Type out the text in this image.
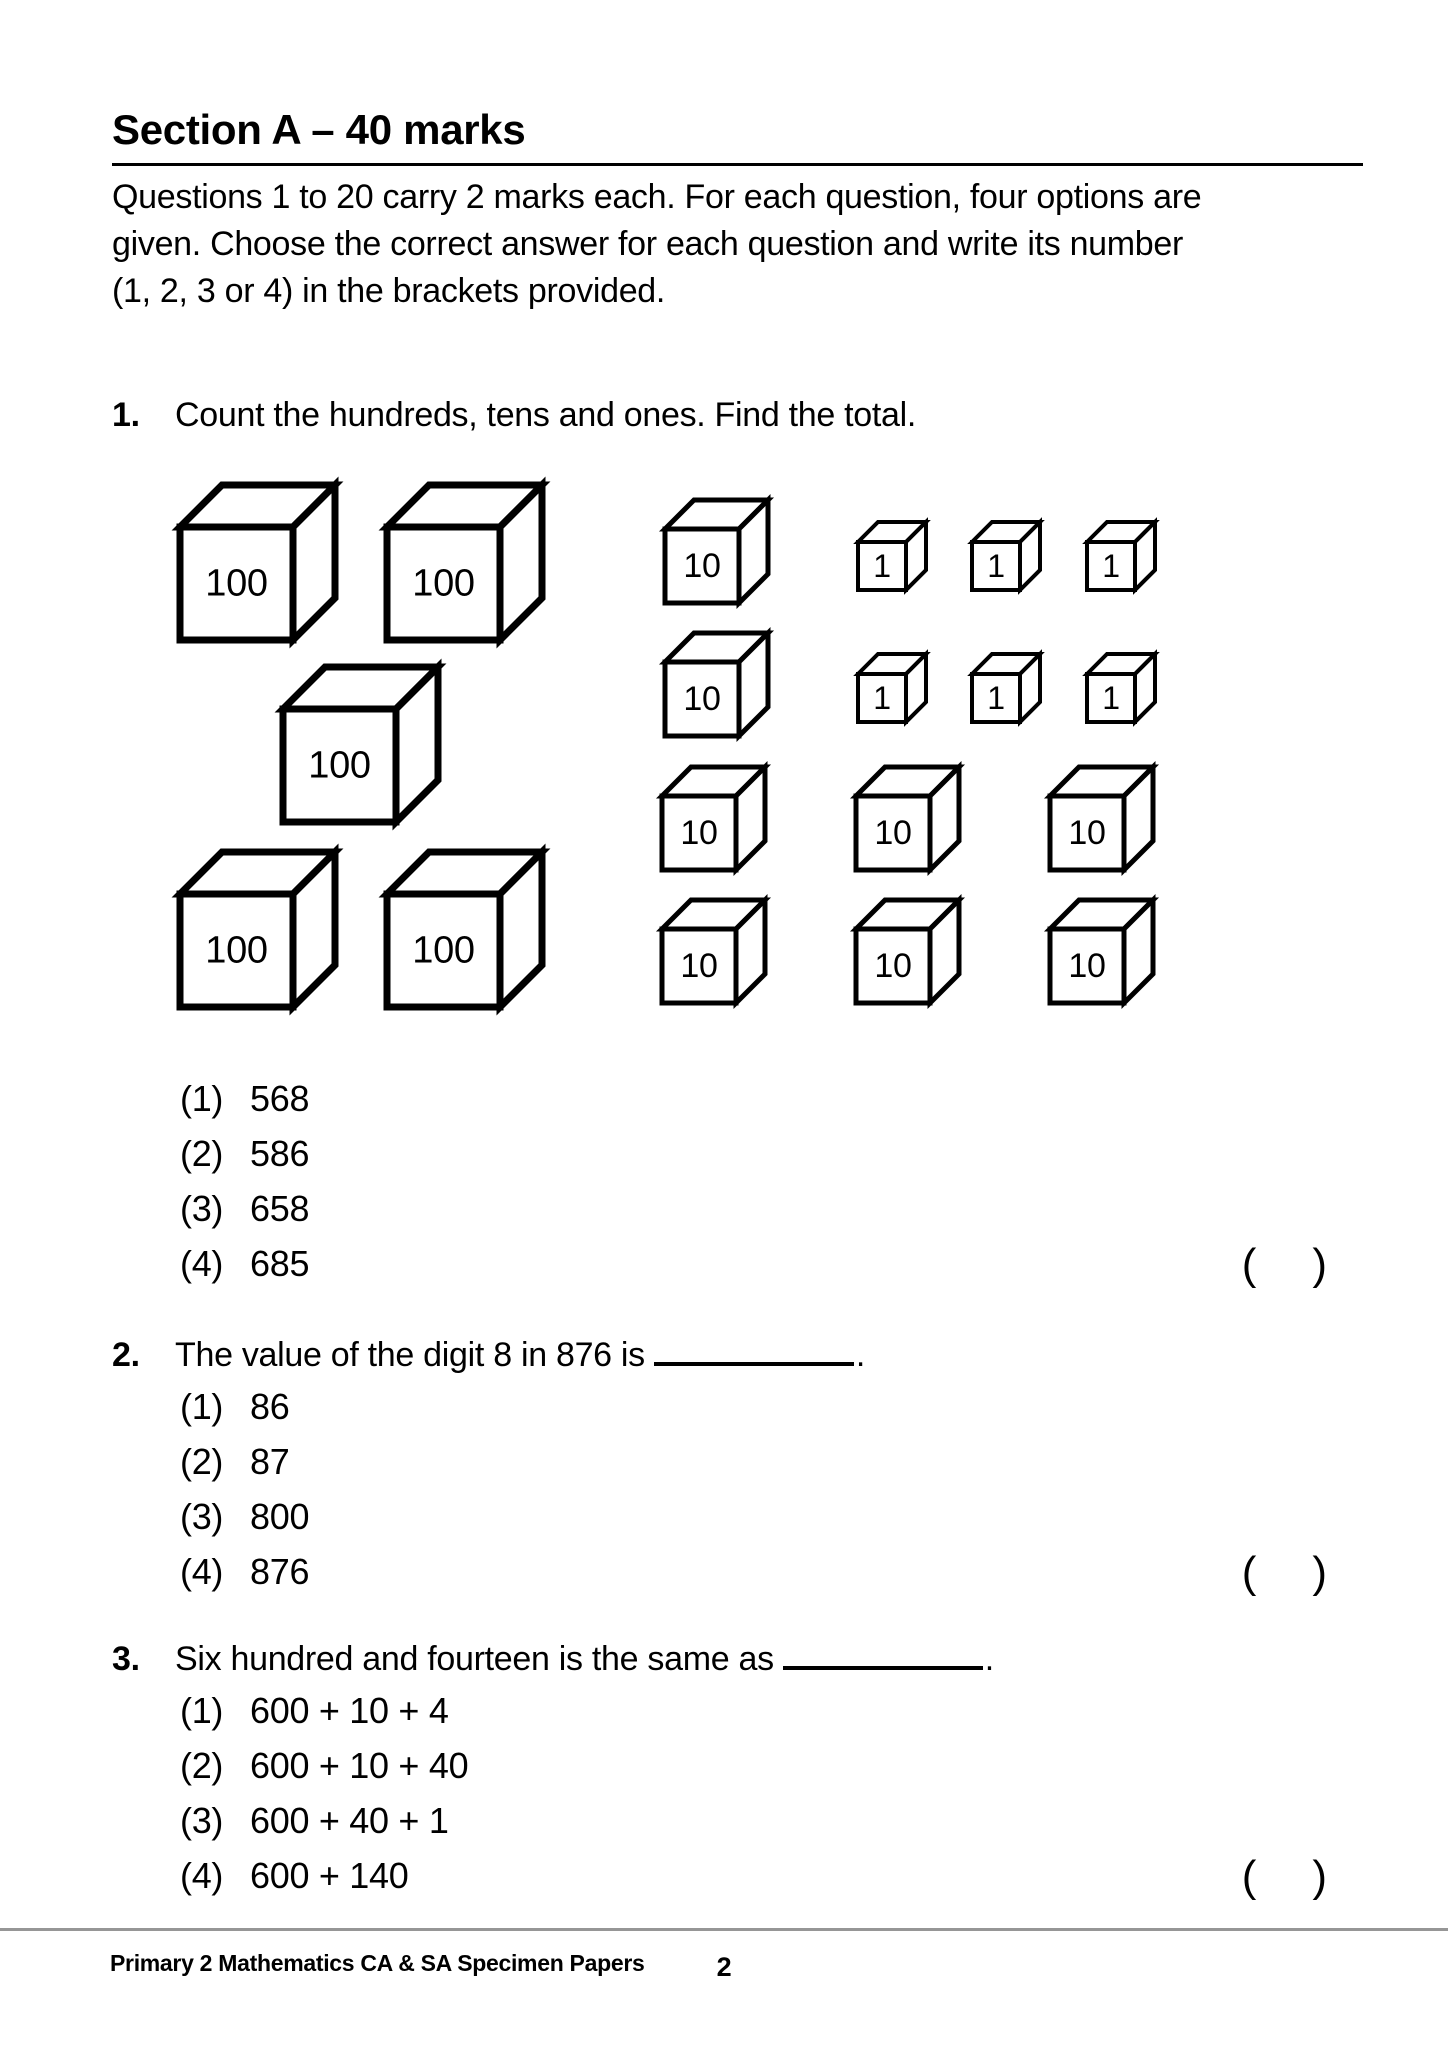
Section A – 40 marks
Questions 1 to 20 carry 2 marks each. For each question, four options are
given. Choose the correct answer for each question and write its number
(1, 2, 3 or 4) in the brackets provided.
1.	Count the hundreds, tens and ones. Find the total.
100	100
100
100	100
10
10
10	10	10
10	10	10
1	1	1
1	1	1
(1) 568
(2) 586
(3) 658
(4) 685	( )
2.	The value of the digit 8 in 876 is	.
(1) 86
(2) 87
(3) 800
(4) 876	( )
3.	Six hundred and fourteen is the same as	.
(1) 600 + 10 + 4
(2) 600 + 10 + 40
(3) 600 + 40 + 1
(4) 600 + 140	( )
Primary 2 Mathematics CA & SA Specimen Papers	2
